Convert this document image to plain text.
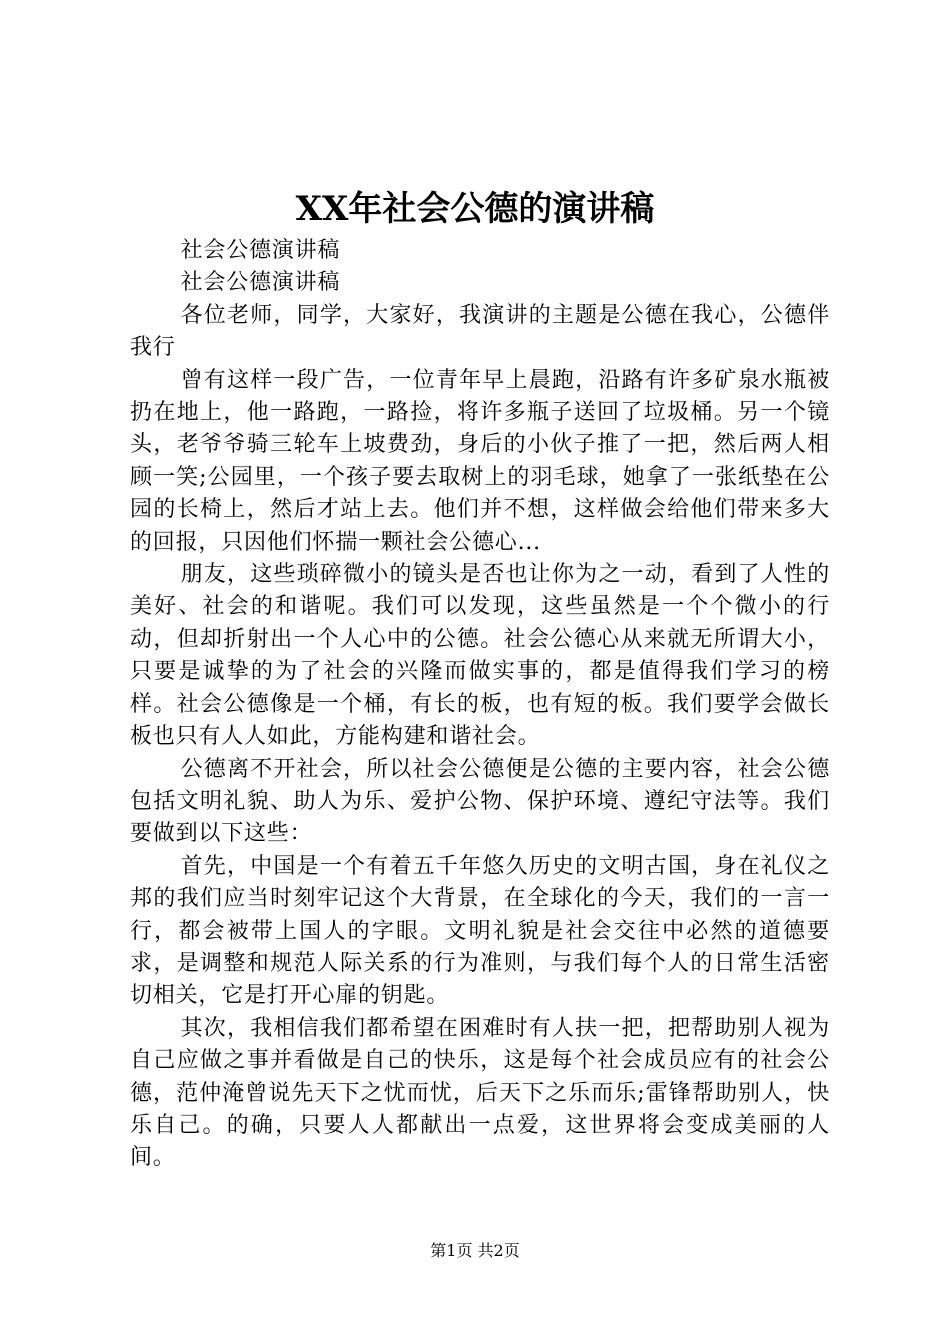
XX年社会公德的演讲稿

社会公德演讲稿

社会公德演讲稿

各位老师，同学，大家好，我演讲的主题是公德在我心，公德伴我行

曾有这样一段广告，一位青年早上晨跑，沿路有许多矿泉水瓶被扔在地上，他一路跑，一路捡，将许多瓶子送回了垃圾桶。另一个镜头，老爷爷骑三轮车上坡费劲，身后的小伙子推了一把，然后两人相顾一笑;公园里，一个孩子要去取树上的羽毛球，她拿了一张纸垫在公园的长椅上，然后才站上去。他们并不想，这样做会给他们带来多大的回报，只因他们怀揣一颗社会公德心...

朋友，这些琐碎微小的镜头是否也让你为之一动，看到了人性的美好、社会的和谐呢。我们可以发现，这些虽然是一个个微小的行动，但却折射出一个人心中的公德。社会公德心从来就无所谓大小，只要是诚挚的为了社会的兴隆而做实事的，都是值得我们学习的榜样。社会公德像是一个桶，有长的板，也有短的板。我们要学会做长板也只有人人如此，方能构建和谐社会。

公德离不开社会，所以社会公德便是公德的主要内容，社会公德包括文明礼貌、助人为乐、爱护公物、保护环境、遵纪守法等。我们要做到以下这些：

首先，中国是一个有着五千年悠久历史的文明古国，身在礼仪之邦的我们应当时刻牢记这个大背景，在全球化的今天，我们的一言一行，都会被带上国人的字眼。文明礼貌是社会交往中必然的道德要求，是调整和规范人际关系的行为准则，与我们每个人的日常生活密切相关，它是打开心扉的钥匙。

其次，我相信我们都希望在困难时有人扶一把，把帮助别人视为自己应做之事并看做是自己的快乐，这是每个社会成员应有的社会公德，范仲淹曾说先天下之忧而忧，后天下之乐而乐;雷锋帮助别人，快乐自己。的确，只要人人都献出一点爱，这世界将会变成美丽的人间。

第1页 共2页
